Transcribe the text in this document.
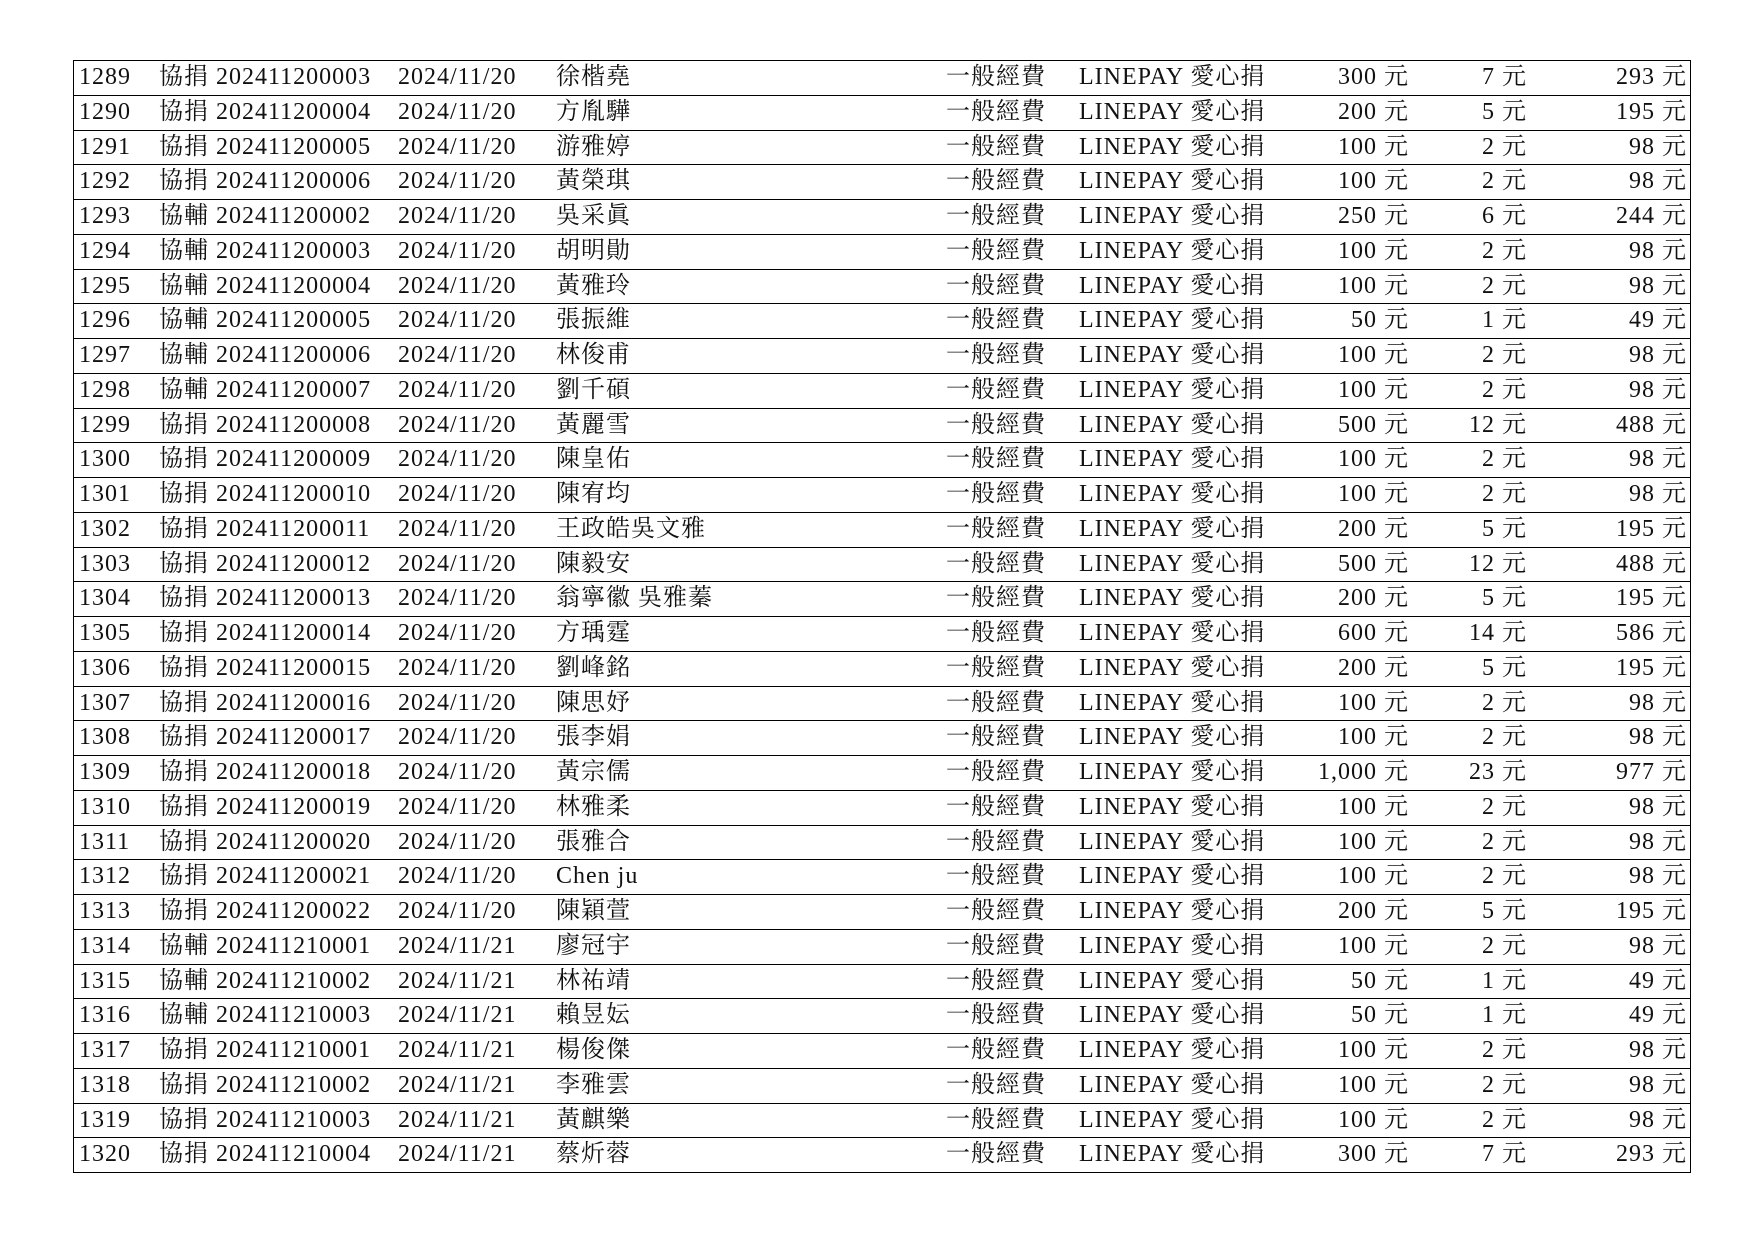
1289 協捐 202411200003 2024/11/20 徐楷堯	一般經費 LINEPAY 愛心捐	300 元	7 元	293 元
1290 協捐 202411200004 2024/11/20 方胤驊	一般經費 LINEPAY 愛心捐	200 元	5 元	195 元
1291 協捐 202411200005 2024/11/20 游雅婷	一般經費 LINEPAY 愛心捐	100 元	2 元	98 元
1292 協捐 202411200006 2024/11/20 黃榮琪	一般經費 LINEPAY 愛心捐	100 元	2 元	98 元
1293 協輔 202411200002 2024/11/20 吳采眞	一般經費 LINEPAY 愛心捐	250 元	6 元	244 元
1294 協輔 202411200003 2024/11/20 胡明勛	一般經費 LINEPAY 愛心捐	100 元	2 元	98 元
1295 協輔 202411200004 2024/11/20 黃雅玲	一般經費 LINEPAY 愛心捐	100 元	2 元	98 元
1296 協輔 202411200005 2024/11/20 張振維	一般經費 LINEPAY 愛心捐	50 元	1 元	49 元
1297 協輔 202411200006 2024/11/20 林俊甫	一般經費 LINEPAY 愛心捐	100 元	2 元	98 元
1298 協輔 202411200007 2024/11/20 劉千碩	一般經費 LINEPAY 愛心捐	100 元	2 元	98 元
1299 協捐 202411200008 2024/11/20 黃麗雪	一般經費 LINEPAY 愛心捐	500 元	12 元	488 元
1300 協捐 202411200009 2024/11/20 陳皇佑	一般經費 LINEPAY 愛心捐	100 元	2 元	98 元
1301 協捐 202411200010 2024/11/20 陳宥均	一般經費 LINEPAY 愛心捐	100 元	2 元	98 元
1302 協捐 202411200011 2024/11/20 王政皓吳文雅	一般經費 LINEPAY 愛心捐	200 元	5 元	195 元
1303 協捐 202411200012 2024/11/20 陳毅安	一般經費 LINEPAY 愛心捐	500 元	12 元	488 元
1304 協捐 202411200013 2024/11/20 翁寧徽 吳雅蓁	一般經費 LINEPAY 愛心捐	200 元	5 元	195 元
1305 協捐 202411200014 2024/11/20 方瑀霆	一般經費 LINEPAY 愛心捐	600 元	14 元	586 元
1306 協捐 202411200015 2024/11/20 劉峰銘	一般經費 LINEPAY 愛心捐	200 元	5 元	195 元
1307 協捐 202411200016 2024/11/20 陳思妤	一般經費 LINEPAY 愛心捐	100 元	2 元	98 元
1308 協捐 202411200017 2024/11/20 張李娟	一般經費 LINEPAY 愛心捐	100 元	2 元	98 元
1309 協捐 202411200018 2024/11/20 黃宗儒	一般經費 LINEPAY 愛心捐 1,000 元	23 元	977 元
1310 協捐 202411200019 2024/11/20 林雅柔	一般經費 LINEPAY 愛心捐	100 元	2 元	98 元
1311 協捐 202411200020 2024/11/20 張雅合	一般經費 LINEPAY 愛心捐	100 元	2 元	98 元
1312 協捐 202411200021 2024/11/20 Chen ju	一般經費 LINEPAY 愛心捐	100 元	2 元	98 元
1313 協捐 202411200022 2024/11/20 陳穎萱	一般經費 LINEPAY 愛心捐	200 元	5 元	195 元
1314 協輔 202411210001 2024/11/21 廖冠宇	一般經費 LINEPAY 愛心捐	100 元	2 元	98 元
1315 協輔 202411210002 2024/11/21 林祐靖	一般經費 LINEPAY 愛心捐	50 元	1 元	49 元
1316 協輔 202411210003 2024/11/21 賴昱妘	一般經費 LINEPAY 愛心捐	50 元	1 元	49 元
1317 協捐 202411210001 2024/11/21 楊俊傑	一般經費 LINEPAY 愛心捐	100 元	2 元	98 元
1318 協捐 202411210002 2024/11/21 李雅雲	一般經費 LINEPAY 愛心捐	100 元	2 元	98 元
1319 協捐 202411210003 2024/11/21 黃麒樂	一般經費 LINEPAY 愛心捐	100 元	2 元	98 元
1320 協捐 202411210004 2024/11/21 蔡炘蓉	一般經費 LINEPAY 愛心捐	300 元	7 元	293 元
